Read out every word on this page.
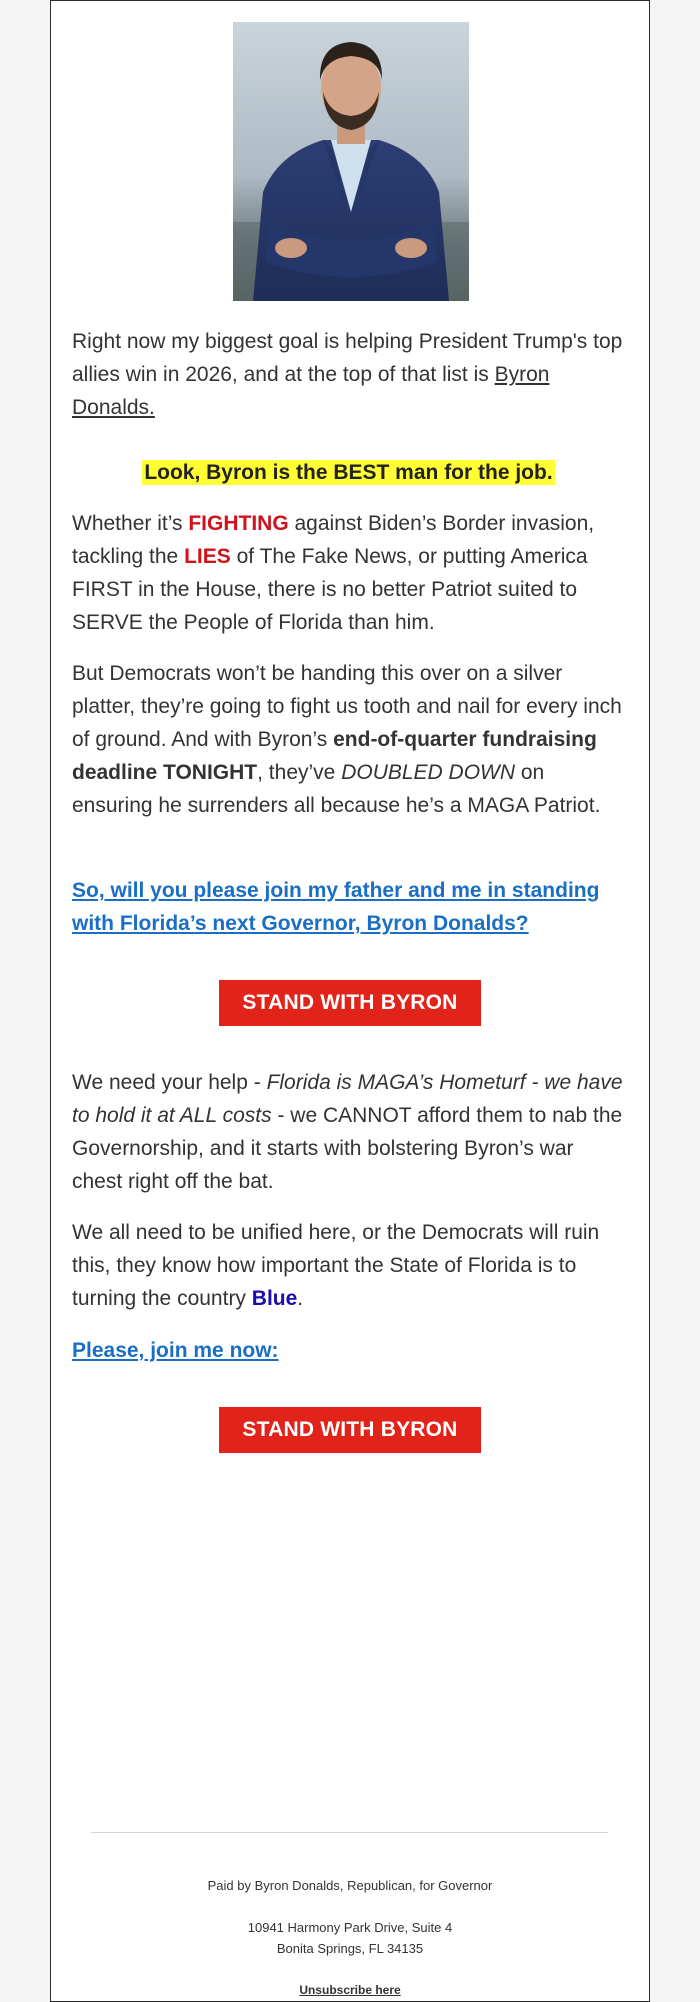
Right now my biggest goal is helping President Trump's top allies win in 2026, and at the top of that list is Byron Donalds.

Look, Byron is the BEST man for the job.

Whether it’s FIGHTING against Biden’s Border invasion, tackling the LIES of The Fake News, or putting America FIRST in the House, there is no better Patriot suited to SERVE the People of Florida than him.

But Democrats won’t be handing this over on a silver platter, they’re going to fight us tooth and nail for every inch of ground. And with Byron’s end-of-quarter fundraising deadline TONIGHT, they’ve DOUBLED DOWN on ensuring he surrenders all because he’s a MAGA Patriot.

So, will you please join my father and me in standing with Florida’s next Governor, Byron Donalds?
STAND WITH BYRON

We need your help - Florida is MAGA’s Hometurf - we have to hold it at ALL costs - we CANNOT afford them to nab the Governorship, and it starts with bolstering Byron’s war chest right off the bat.

We all need to be unified here, or the Democrats will ruin this, they know how important the State of Florida is to turning the country Blue.

Please, join me now:
STAND WITH BYRON
Paid by Byron Donalds, Republican, for Governor
10941 Harmony Park Drive, Suite 4
Bonita Springs, FL 34135
Unsubscribe here
